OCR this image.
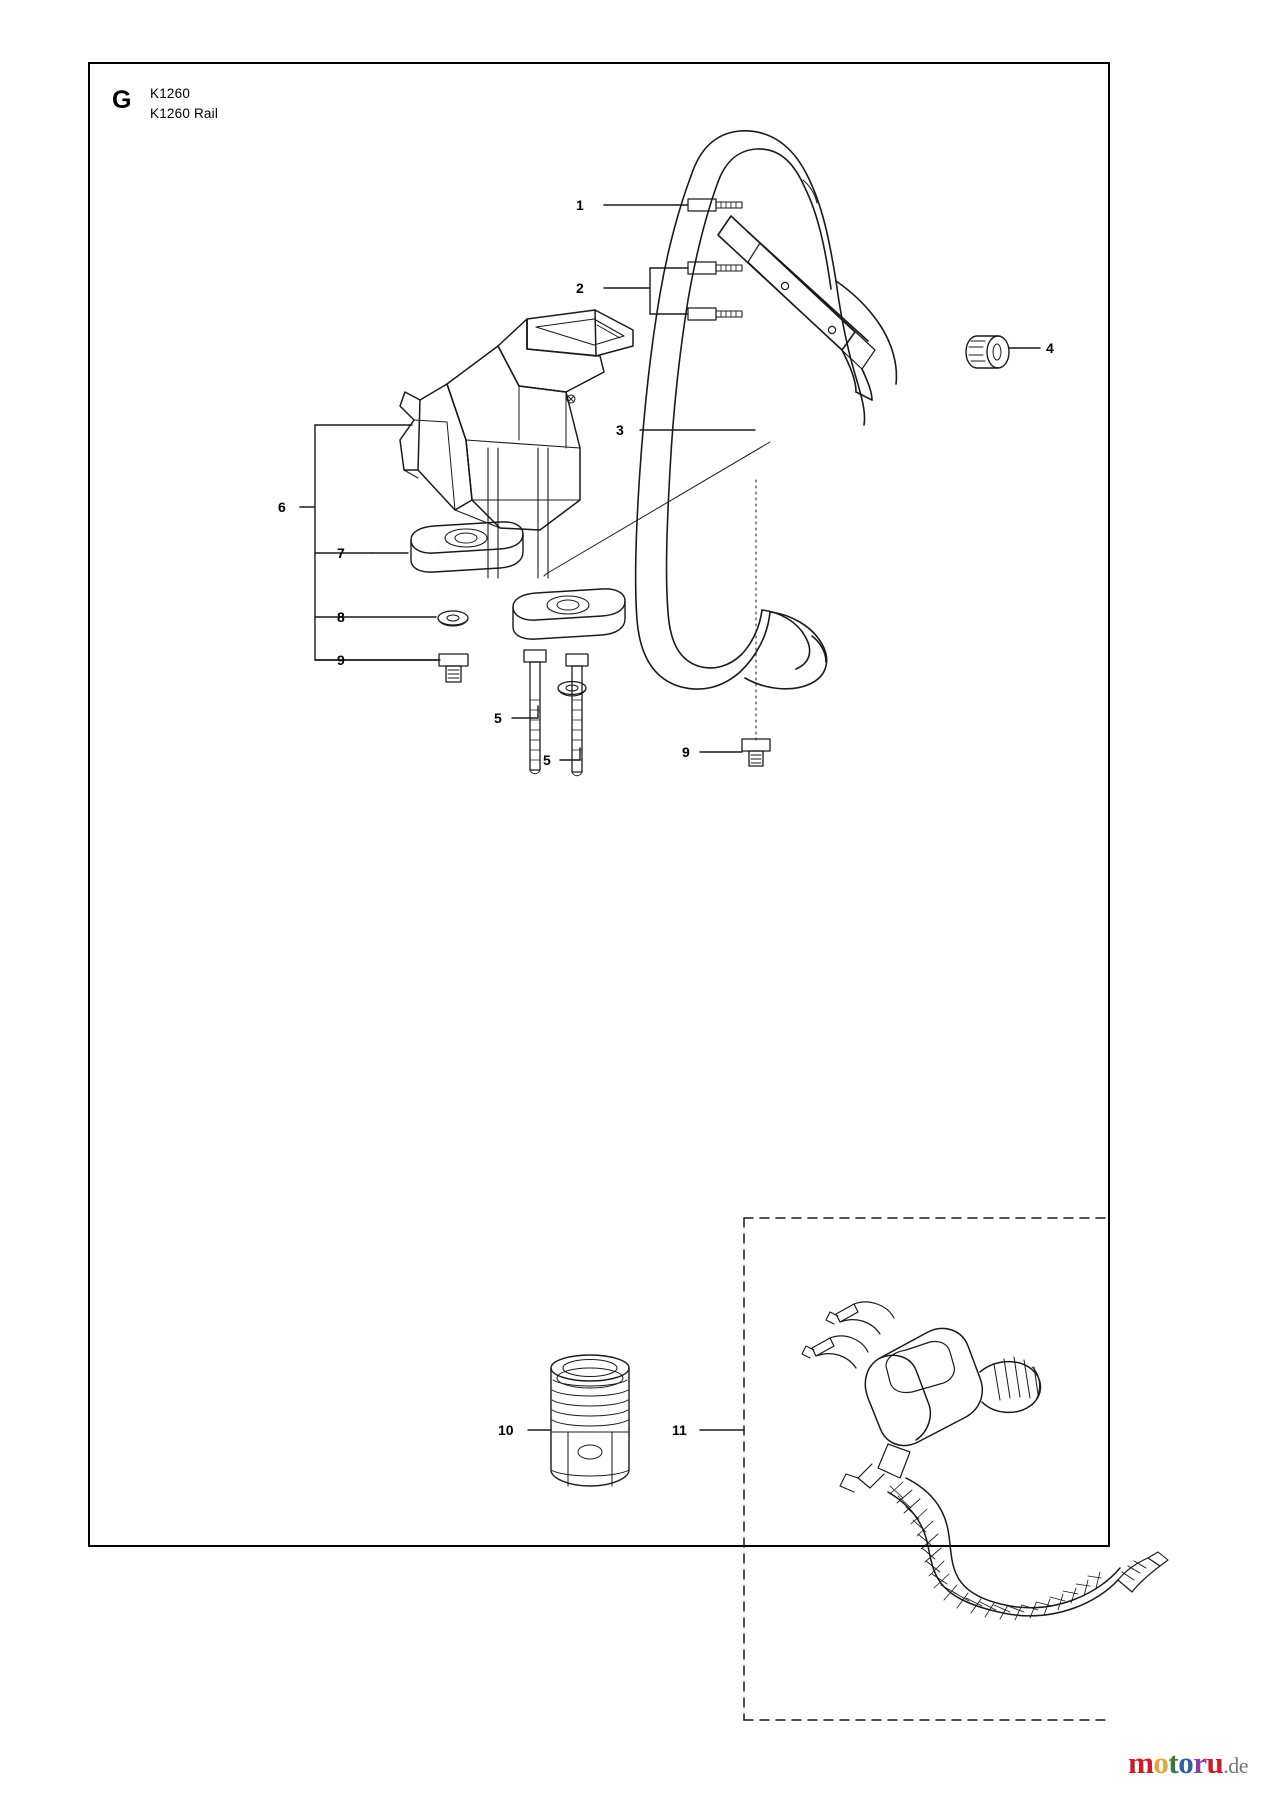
G K1260
K1260 Rail
1
2
3
4
5
5
6
7
8
9
9
10	11
motoru.de
